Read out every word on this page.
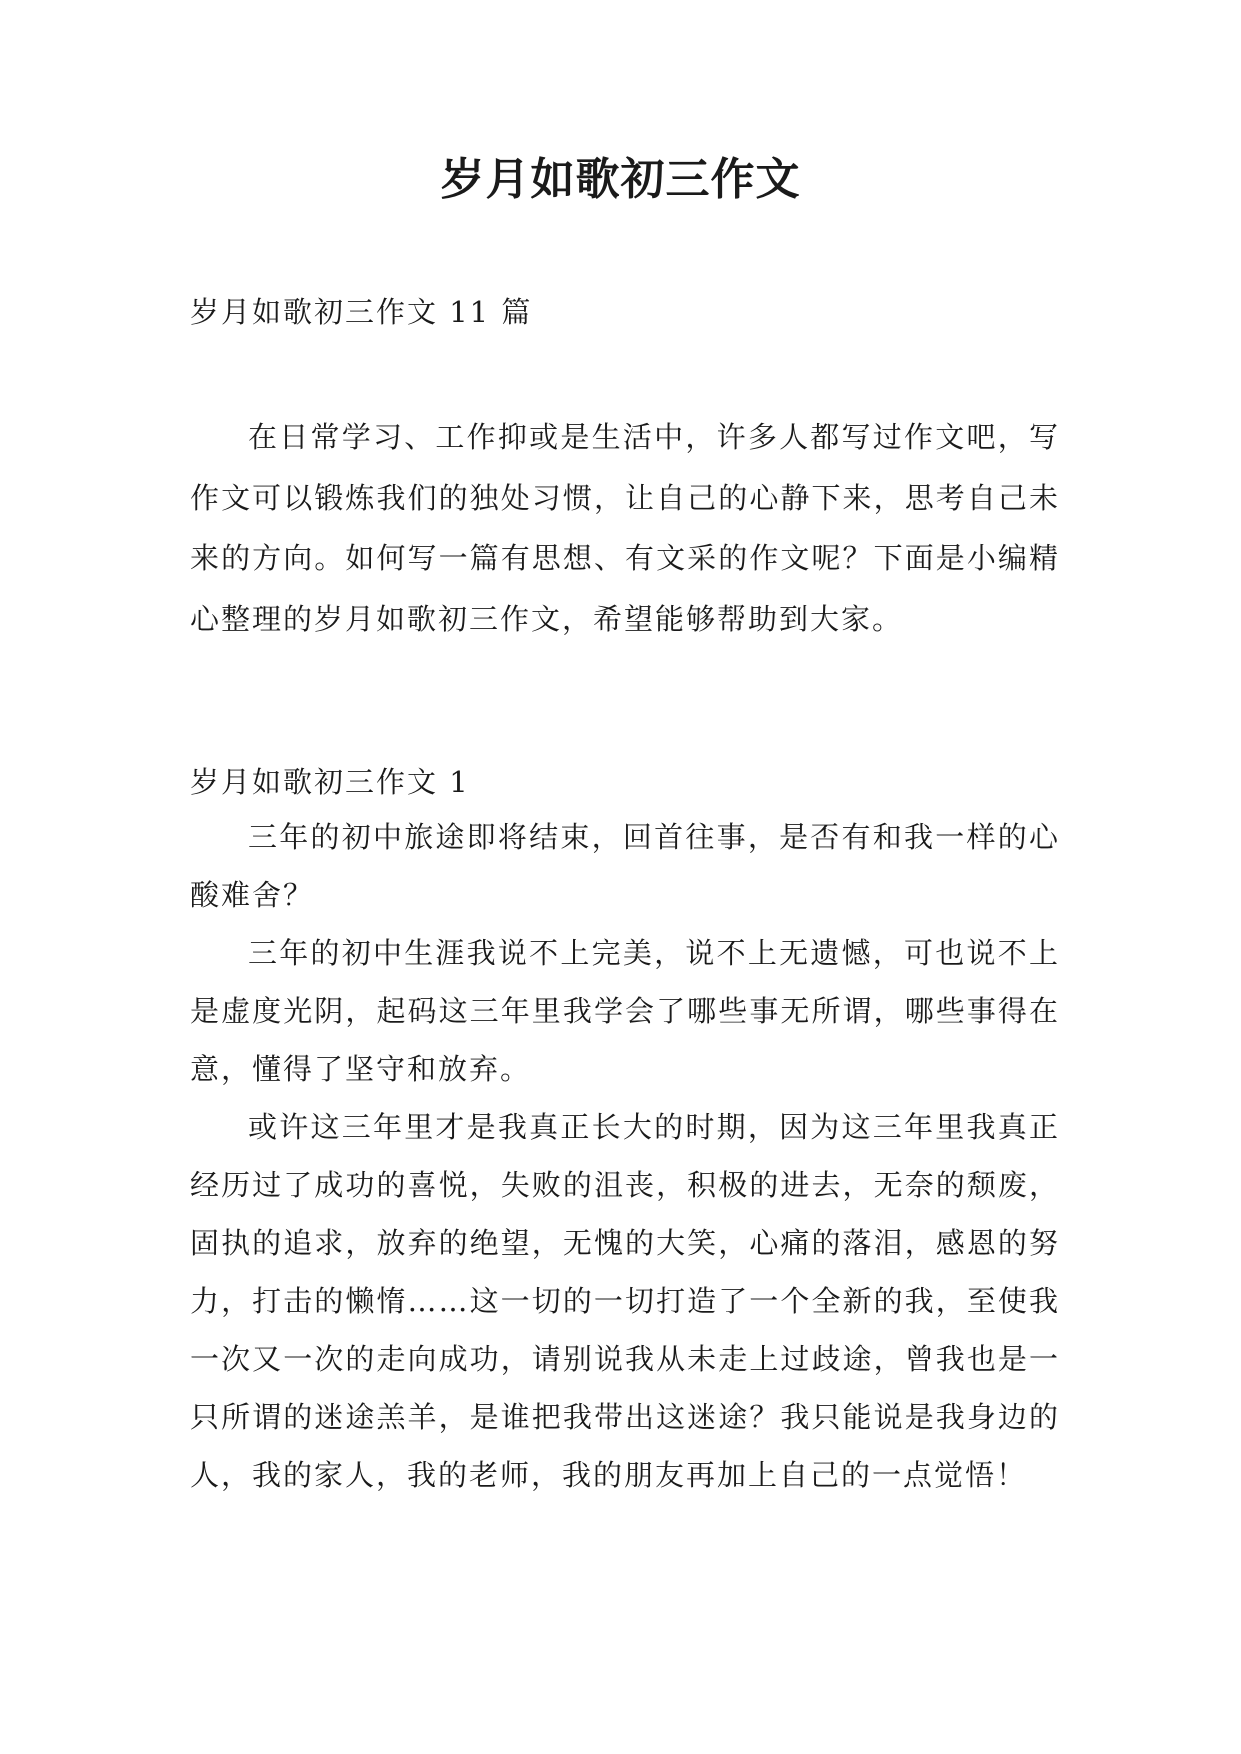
岁月如歌初三作文
岁月如歌初三作文 11 篇

在日常学习、工作抑或是生活中，许多人都写过作文吧，写作文可以锻炼我们的独处习惯，让自己的心静下来，思考自己未来的方向。如何写一篇有思想、有文采的作文呢？下面是小编精心整理的岁月如歌初三作文，希望能够帮助到大家。

岁月如歌初三作文 1

三年的初中旅途即将结束，回首往事，是否有和我一样的心酸难舍？

三年的初中生涯我说不上完美，说不上无遗憾，可也说不上是虚度光阴，起码这三年里我学会了哪些事无所谓，哪些事得在意，懂得了坚守和放弃。

或许这三年里才是我真正长大的时期，因为这三年里我真正经历过了成功的喜悦，失败的沮丧，积极的进去，无奈的颓废，固执的追求，放弃的绝望，无愧的大笑，心痛的落泪，感恩的努力，打击的懒惰……这一切的一切打造了一个全新的我，至使我一次又一次的走向成功，请别说我从未走上过歧途，曾我也是一只所谓的迷途羔羊，是谁把我带出这迷途？我只能说是我身边的人，我的家人，我的老师，我的朋友再加上自己的一点觉悟！
